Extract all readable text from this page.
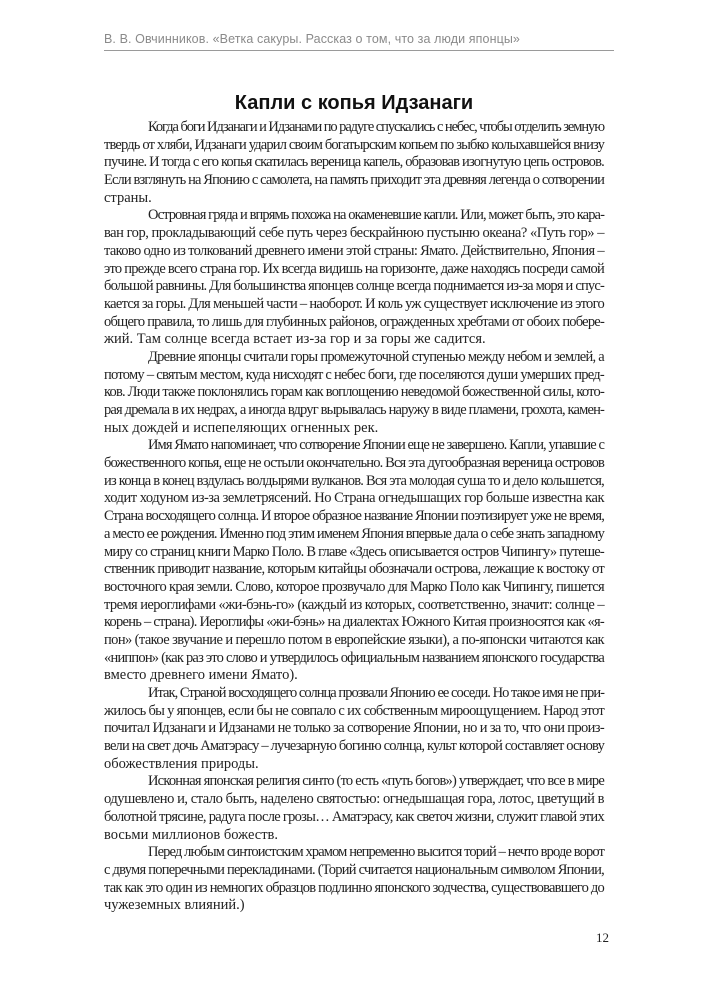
В. В. Овчинников. «Ветка сакуры. Рассказ о том, что за люди японцы»
Капли с копья Идзанаги
Когда боги Идзанаги и Идзанами по радуге спускались с небес, чтобы отделить земную
твердь от хляби, Идзанаги ударил своим богатырским копьем по зыбко колыхавшейся внизу
пучине. И тогда с его копья скатилась вереница капель, образовав изогнутую цепь островов.
Если взглянуть на Японию с самолета, на память приходит эта древняя легенда о сотворении
страны.
Островная гряда и впрямь похожа на окаменевшие капли. Или, может быть, это кара-
ван гор, прокладывающий себе путь через бескрайнюю пустыню океана? «Путь гор» –
таково одно из толкований древнего имени этой страны: Ямато. Действительно, Япония –
это прежде всего страна гор. Их всегда видишь на горизонте, даже находясь посреди самой
большой равнины. Для большинства японцев солнце всегда поднимается из-за моря и спус-
кается за горы. Для меньшей части – наоборот. И коль уж существует исключение из этого
общего правила, то лишь для глубинных районов, огражденных хребтами от обоих побере-
жий. Там солнце всегда встает из-за гор и за горы же садится.
Древние японцы считали горы промежуточной ступенью между небом и землей, а
потому – святым местом, куда нисходят с небес боги, где поселяются души умерших пред-
ков. Люди также поклонялись горам как воплощению неведомой божественной силы, кото-
рая дремала в их недрах, а иногда вдруг вырывалась наружу в виде пламени, грохота, камен-
ных дождей и испепеляющих огненных рек.
Имя Ямато напоминает, что сотворение Японии еще не завершено. Капли, упавшие с
божественного копья, еще не остыли окончательно. Вся эта дугообразная вереница островов
из конца в конец вздулась волдырями вулканов. Вся эта молодая суша то и дело колышется,
ходит ходуном из-за землетрясений. Но Страна огнедышащих гор больше известна как
Страна восходящего солнца. И второе образное название Японии поэтизирует уже не время,
а место ее рождения. Именно под этим именем Япония впервые дала о себе знать западному
миру со страниц книги Марко Поло. В главе «Здесь описывается остров Чипингу» путеше-
ственник приводит название, которым китайцы обозначали острова, лежащие к востоку от
восточного края земли. Слово, которое прозвучало для Марко Поло как Чипингу, пишется
тремя иероглифами «жи-бэнь-го» (каждый из которых, соответственно, значит: солнце –
корень – страна). Иероглифы «жи-бэнь» на диалектах Южного Китая произносятся как «я-
пон» (такое звучание и перешло потом в европейские языки), а по-японски читаются как
«ниппон» (как раз это слово и утвердилось официальным названием японского государства
вместо древнего имени Ямато).
Итак, Страной восходящего солнца прозвали Японию ее соседи. Но такое имя не при-
жилось бы у японцев, если бы не совпало с их собственным мироощущением. Народ этот
почитал Идзанаги и Идзанами не только за сотворение Японии, но и за то, что они произ-
вели на свет дочь Аматэрасу – лучезарную богиню солнца, культ которой составляет основу
обожествления природы.
Исконная японская религия синто (то есть «путь богов») утверждает, что все в мире
одушевлено и, стало быть, наделено святостью: огнедышащая гора, лотос, цветущий в
болотной трясине, радуга после грозы… Аматэрасу, как светоч жизни, служит главой этих
восьми миллионов божеств.
Перед любым синтоистским храмом непременно высится торий – нечто вроде ворот
с двумя поперечными перекладинами. (Торий считается национальным символом Японии,
так как это один из немногих образцов подлинно японского зодчества, существовавшего до
чужеземных влияний.)
12
